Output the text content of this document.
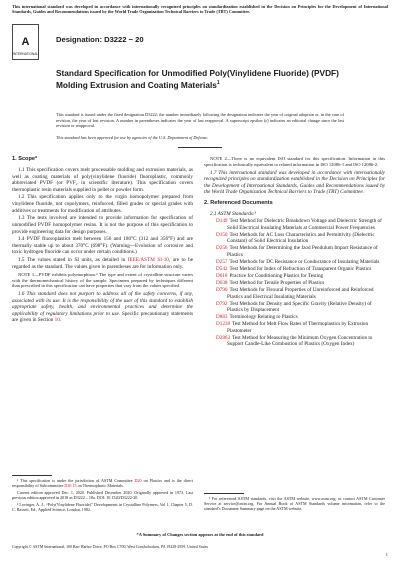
This international standard was developed in accordance with internationally recognized principles on standardization established in the Decision on Principles for the Development of International Standards, Guides and Recommendations issued by the World Trade Organization Technical Barriers to Trade (TBT) Committee.
A
INTERNATIONAL
Designation: D3222 − 20
Standard Specification for Unmodified Poly(Vinylidene Fluoride) (PVDF) Molding Extrusion and Coating Materials$^1$
This standard is issued under the fixed designation D3222; the number immediately following the designation indicates the year of original adoption or, in the case of revision, the year of last revision. A number in parentheses indicates the year of last reapproval. A superscript epsilon (ε) indicates an editorial change since the last revision or reapproval.
This standard has been approved for use by agencies of the U.S. Department of Defense.
1. Scope*
1.1 This specification covers melt processable molding and extrusion materials, as well as coating materials of poly(vinylidene fluoride) fluoroplastic, commonly abbreviated PVDF (or PVF₂ in scientific literature). This specification covers thermoplastic resin materials supplied in pellet or powder form.
1.2 This specification applies only to the virgin homopolymer prepared from vinylidene fluoride, not copolymers, reinforced, filled grades or special grades with additives or treatments for modification of attributes.
1.3 The tests involved are intended to provide information for specification of unmodified PVDF homopolymer resins. It is not the purpose of this specification to provide engineering data for design purposes.
1.4 PVDF fluoroplastics melt between 156 and 180°C (312 and 356°F) and are thermally stable up to about 370°C (698°F). (Warning—Evolution of corrosive and toxic hydrogen fluoride can occur under certain conditions.)
1.5 The values stated in SI units, as detailed in IEEE/ASTM SI-10, are to be regarded as the standard. The values given in parentheses are for information only.
NOTE 1—PVDF exhibits polymorphism.² The type and extent of crystalline structure varies with the thermomechanical history of the sample. Specimens prepared by techniques different than prescribed in this specification can have properties that vary from the values specified.
1.6 This standard does not purport to address all of the safety concerns, if any, associated with its use. It is the responsibility of the user of this standard to establish appropriate safety, health, and environmental practices and determine the applicability of regulatory limitations prior to use. Specific precautionary statements are given in Section 10.
¹ This specification is under the jurisdiction of ASTM Committee D20 on Plastics and is the direct responsibility of Subcommittee D20.15 on Thermoplastic Materials.
Current edition approved Dec. 1, 2020. Published December 2020. Originally approved in 1973. Last previous edition approved in 2018 as D3222 – 18a. DOI: 10.1520/D3222-20.
² Lovinger, A. J., “Poly(Vinylidene Fluoride)” Developments in Crystalline Polymers, Vol 1, Chapter 5, D. C. Bassett, Ed., Applied Science, London, 1982.
NOTE 2—There is no equivalent ISO standard for this specification. Information in this specification is technically equivalent to related information in ISO 12086-1 and ISO 12086-2.
1.7 This international standard was developed in accordance with internationally recognized principles on standardization established in the Decision on Principles for the Development of International Standards, Guides and Recommendations issued by the World Trade Organization Technical Barriers to Trade (TBT) Committee.
2. Referenced Documents
2.1 ASTM Standards:³
D149 Test Method for Dielectric Breakdown Voltage and Dielectric Strength of Solid Electrical Insulating Materials at Commercial Power Frequencies
D150 Test Methods for AC Loss Characteristics and Permittivity (Dielectric Constant) of Solid Electrical Insulation
D256 Test Methods for Determining the Izod Pendulum Impact Resistance of Plastics
D257 Test Methods for DC Resistance or Conductance of Insulating Materials
D542 Test Method for Index of Refraction of Transparent Organic Plastics
D618 Practice for Conditioning Plastics for Testing
D638 Test Method for Tensile Properties of Plastics
D790 Test Methods for Flexural Properties of Unreinforced and Reinforced Plastics and Electrical Insulating Materials
D792 Test Methods for Density and Specific Gravity (Relative Density) of Plastics by Displacement
D883 Terminology Relating to Plastics
D1238 Test Method for Melt Flow Rates of Thermoplastics by Extrusion Plastometer
D2863 Test Method for Measuring the Minimum Oxygen Concentration to Support Candle-Like Combustion of Plastics (Oxygen Index)
³ For referenced ASTM standards, visit the ASTM website, www.astm.org, or contact ASTM Customer Service at service@astm.org. For Annual Book of ASTM Standards volume information, refer to the standard’s Document Summary page on the ASTM website.
*A Summary of Changes section appears at the end of this standard
Copyright © ASTM International, 100 Barr Harbor Drive, PO Box C700, West Conshohocken, PA 19428-2959. United States
1
